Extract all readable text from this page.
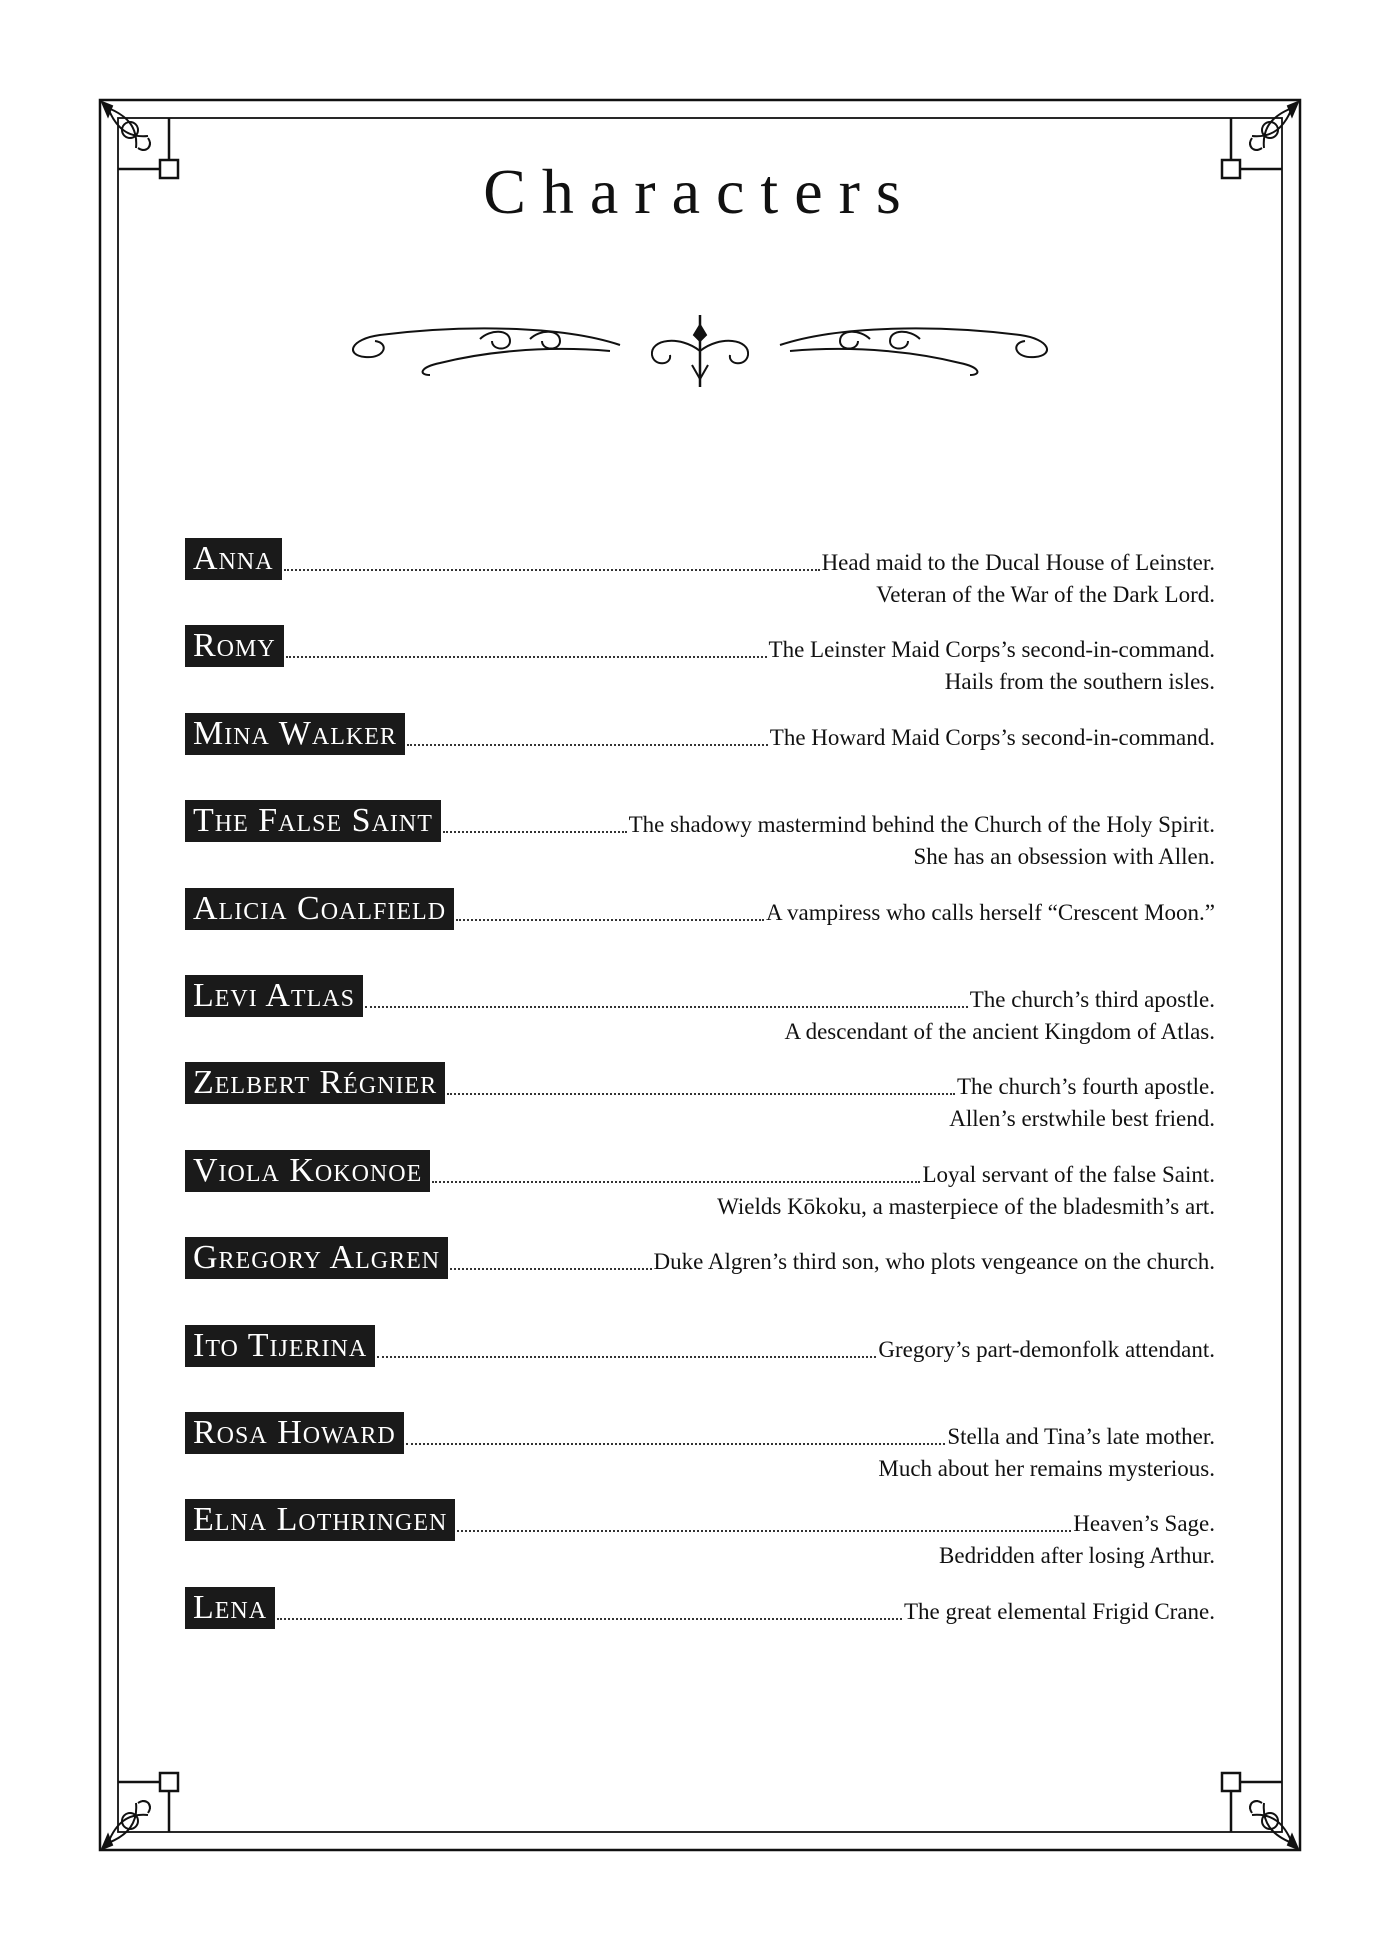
Characters
Anna	Head maid to the Ducal House of Leinster.
Veteran of the War of the Dark Lord.
Romy	The Leinster Maid Corps’s second-in-command.
Hails from the southern isles.
Mina Walker	The Howard Maid Corps’s second-in-command.
The False Saint	The shadowy mastermind behind the Church of the Holy Spirit.
She has an obsession with Allen.
Alicia Coalfield	A vampiress who calls herself “Crescent Moon.”
Levi Atlas	The church’s third apostle.
A descendant of the ancient Kingdom of Atlas.
Zelbert Régnier	The church’s fourth apostle.
Allen’s erstwhile best friend.
Viola Kokonoe	Loyal servant of the false Saint.
Wields Kōkoku, a masterpiece of the bladesmith’s art.
Gregory Algren	Duke Algren’s third son, who plots vengeance on the church.
Ito Tijerina	Gregory’s part-demonfolk attendant.
Rosa Howard	Stella and Tina’s late mother.
Much about her remains mysterious.
Elna Lothringen	Heaven’s Sage.
Bedridden after losing Arthur.
Lena	The great elemental Frigid Crane.
